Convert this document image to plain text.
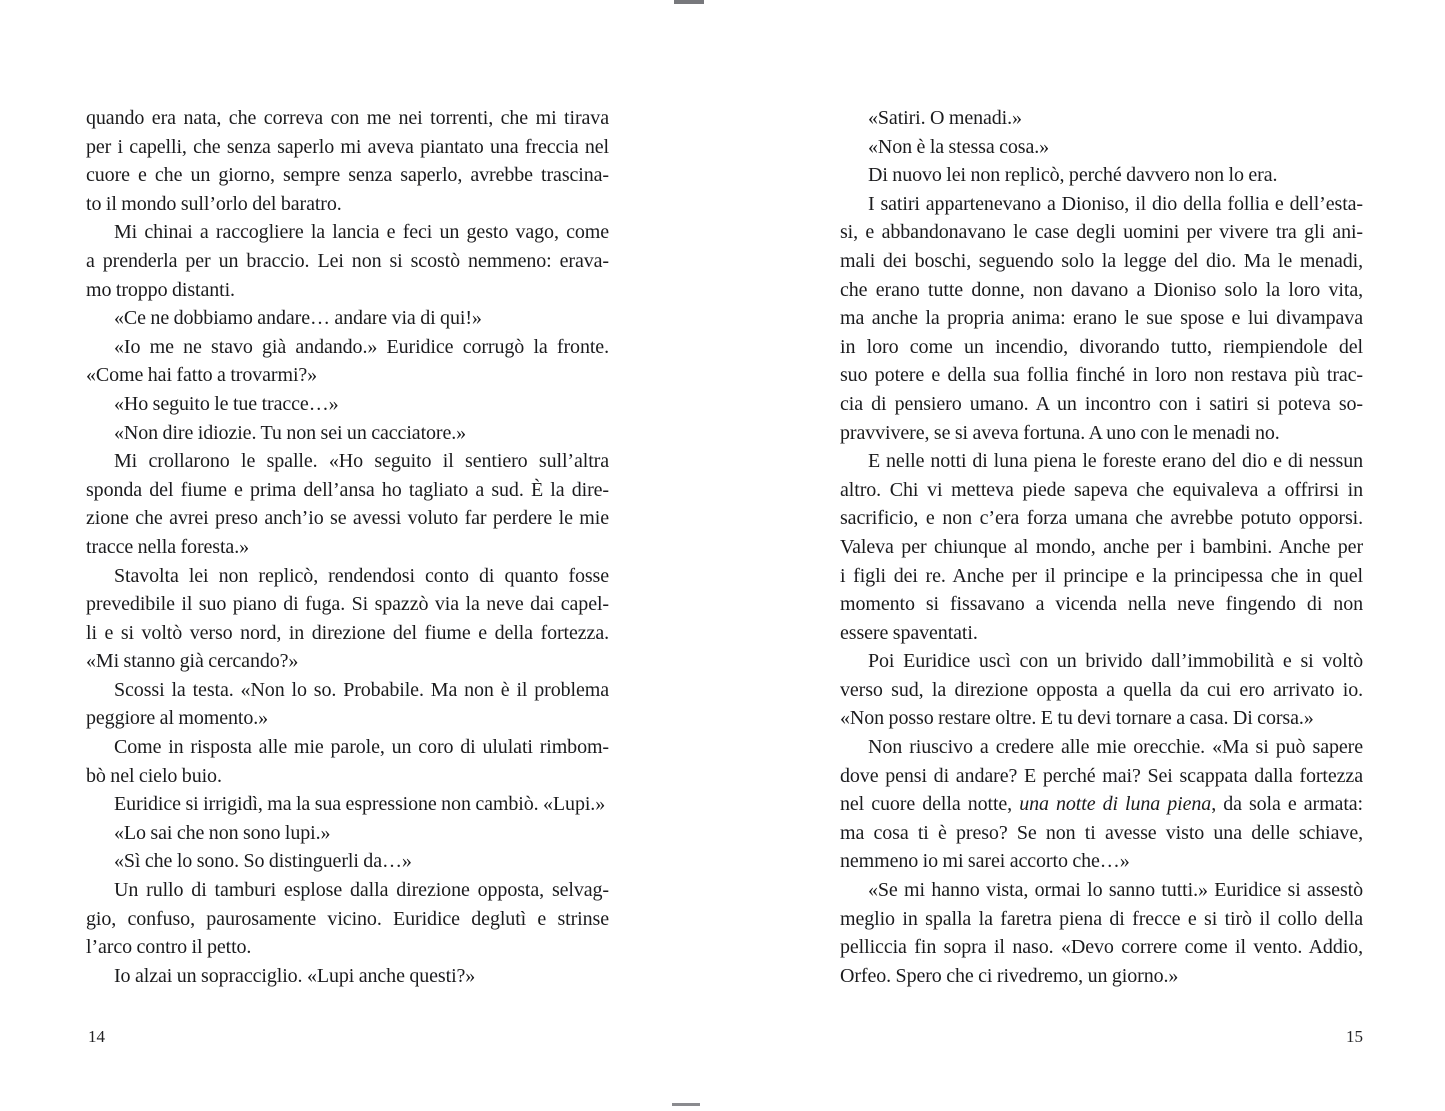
quando era nata, che correva con me nei torrenti, che mi tirava
per i capelli, che senza saperlo mi aveva piantato una freccia nel
cuore e che un giorno, sempre senza saperlo, avrebbe trascina-
to il mondo sull’orlo del baratro.
Mi chinai a raccogliere la lancia e feci un gesto vago, come
a prenderla per un braccio. Lei non si scostò nemmeno: erava-
mo troppo distanti.
«Ce ne dobbiamo andare… andare via di qui!»
«Io me ne stavo già andando.» Euridice corrugò la fronte.
«Come hai fatto a trovarmi?»
«Ho seguito le tue tracce…»
«Non dire idiozie. Tu non sei un cacciatore.»
Mi crollarono le spalle. «Ho seguito il sentiero sull’altra
sponda del fiume e prima dell’ansa ho tagliato a sud. È la dire-
zione che avrei preso anch’io se avessi voluto far perdere le mie
tracce nella foresta.»
Stavolta lei non replicò, rendendosi conto di quanto fosse
prevedibile il suo piano di fuga. Si spazzò via la neve dai capel-
li e si voltò verso nord, in direzione del fiume e della fortezza.
«Mi stanno già cercando?»
Scossi la testa. «Non lo so. Probabile. Ma non è il problema
peggiore al momento.»
Come in risposta alle mie parole, un coro di ululati rimbom-
bò nel cielo buio.
Euridice si irrigidì, ma la sua espressione non cambiò. «Lupi.»
«Lo sai che non sono lupi.»
«Sì che lo sono. So distinguerli da…»
Un rullo di tamburi esplose dalla direzione opposta, selvag-
gio, confuso, paurosamente vicino. Euridice deglutì e strinse
l’arco contro il petto.
Io alzai un sopracciglio. «Lupi anche questi?»
«Satiri. O menadi.»
«Non è la stessa cosa.»
Di nuovo lei non replicò, perché davvero non lo era.
I satiri appartenevano a Dioniso, il dio della follia e dell’esta-
si, e abbandonavano le case degli uomini per vivere tra gli ani-
mali dei boschi, seguendo solo la legge del dio. Ma le menadi,
che erano tutte donne, non davano a Dioniso solo la loro vita,
ma anche la propria anima: erano le sue spose e lui divampava
in loro come un incendio, divorando tutto, riempiendole del
suo potere e della sua follia finché in loro non restava più trac-
cia di pensiero umano. A un incontro con i satiri si poteva so-
pravvivere, se si aveva fortuna. A uno con le menadi no.
E nelle notti di luna piena le foreste erano del dio e di nessun
altro. Chi vi metteva piede sapeva che equivaleva a offrirsi in
sacrificio, e non c’era forza umana che avrebbe potuto opporsi.
Valeva per chiunque al mondo, anche per i bambini. Anche per
i figli dei re. Anche per il principe e la principessa che in quel
momento si fissavano a vicenda nella neve fingendo di non
essere spaventati.
Poi Euridice uscì con un brivido dall’immobilità e si voltò
verso sud, la direzione opposta a quella da cui ero arrivato io.
«Non posso restare oltre. E tu devi tornare a casa. Di corsa.»
Non riuscivo a credere alle mie orecchie. «Ma si può sapere
dove pensi di andare? E perché mai? Sei scappata dalla fortezza
nel cuore della notte, una notte di luna piena, da sola e armata:
ma cosa ti è preso? Se non ti avesse visto una delle schiave,
nemmeno io mi sarei accorto che…»
«Se mi hanno vista, ormai lo sanno tutti.» Euridice si assestò
meglio in spalla la faretra piena di frecce e si tirò il collo della
pelliccia fin sopra il naso. «Devo correre come il vento. Addio,
Orfeo. Spero che ci rivedremo, un giorno.»
14	15
